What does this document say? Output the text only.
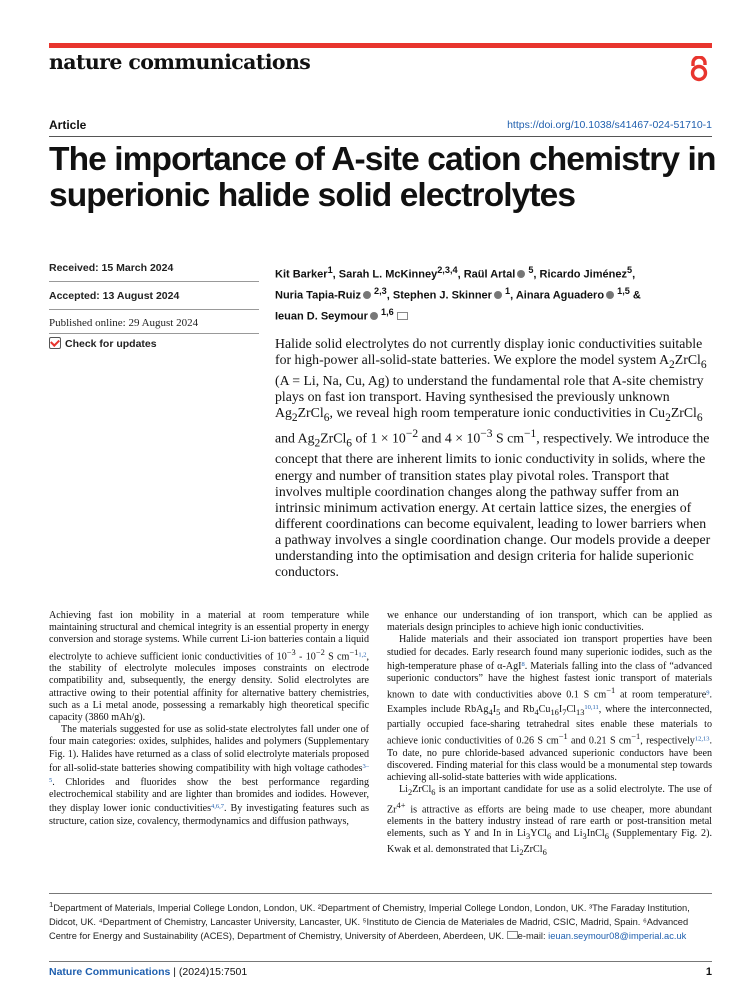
nature communications
Article	https://doi.org/10.1038/s41467-024-51710-1
The importance of A-site cation chemistry in superionic halide solid electrolytes
Received: 15 March 2024
Accepted: 13 August 2024
Published online: 29 August 2024
Check for updates
Kit Barker$^1$, Sarah L. McKinney$^{2,3,4}$, Raül Artal $^5$, Ricardo Jiménez$^5$,
Nuria Tapia-Ruiz $^{2,3}$, Stephen J. Skinner $^1$, Ainara Aguadero $^{1,5}$ &
Ieuan D. Seymour $^{1,6}$
Halide solid electrolytes do not currently display ionic conductivities suitable for high-power all-solid-state batteries. We explore the model system $A_2ZrCl_6$ (A = Li, Na, Cu, Ag) to understand the fundamental role that A-site chemistry plays on fast ion transport. Having synthesised the previously unknown $Ag_2ZrCl_6$, we reveal high room temperature ionic conductivities in $Cu_2ZrCl_6$ and $Ag_2ZrCl_6$ of $1 \times 10^{-2}$ and $4 \times 10^{-3}$ S $cm^{-1}$, respectively. We introduce the concept that there are inherent limits to ionic conductivity in solids, where the energy and number of transition states play pivotal roles. Transport that involves multiple coordination changes along the pathway suffer from an intrinsic minimum activation energy. At certain lattice sizes, the energies of different coordinations can become equivalent, leading to lower barriers when a pathway involves a single coordination change. Our models provide a deeper understanding into the optimisation and design criteria for halide superionic conductors.

Achieving fast ion mobility in a material at room temperature while maintaining structural and chemical integrity is an essential property in energy conversion and storage systems. While current Li-ion batteries contain a liquid electrolyte to achieve sufficient ionic conductivities of $10^{-3} - 10^{-2}$ S cm$^{-11,2}$, the stability of electrolyte molecules imposes constraints on electrode compatibility and, subsequently, the energy density. Solid electrolytes are attractive owing to their potential affinity for alternative battery chemistries, such as a Li metal anode, possessing a remarkably high theoretical specific capacity (3860 mAh/g).

The materials suggested for use as solid-state electrolytes fall under one of four main categories: oxides, sulphides, halides and polymers (Supplementary Fig. 1). Halides have returned as a class of solid electrolyte materials proposed for all-solid-state batteries showing compatibility with high voltage cathodes$^{3-5}$. Chlorides and fluorides show the best performance regarding electrochemical stability and are lighter than bromides and iodides. However, they display lower ionic conductivities$^{4,6,7}$. By investigating features such as structure, cation size, covalency, thermodynamics and diffusion pathways,

we enhance our understanding of ion transport, which can be applied as materials design principles to achieve high ionic conductivities.

Halide materials and their associated ion transport properties have been studied for decades. Early research found many superionic iodides, such as the high-temperature phase of α-AgI$^8$. Materials falling into the class of “advanced superionic conductors” have the highest fastest ionic transport of materials known to date with conductivities above 0.1 S $cm^{-1}$ at room temperature$^9$. Examples include $RbAg_4I_5$ and $Rb_4Cu_{16}I_7Cl_{13}^{10,11}$, where the interconnected, partially occupied face-sharing tetrahedral sites enable these materials to achieve ionic conductivities of 0.26 S $cm^{-1}$ and 0.21 S $cm^{-1}$, respectively$^{12,13}$. To date, no pure chloride-based advanced superionic conductors have been discovered. Finding material for this class would be a monumental step towards achieving all-solid-state batteries with wide applications.

$Li_2ZrCl_6$ is an important candidate for use as a solid electrolyte. The use of $Zr^{4+}$ is attractive as efforts are being made to use cheaper, more abundant elements in the battery industry instead of rare earth or post-transition metal elements, such as Y and In in $Li_3YCl_6$ and $Li_3InCl_6$ (Supplementary Fig. 2). Kwak et al. demonstrated that $Li_2ZrCl_6$

$^1$Department of Materials, Imperial College London, London, UK. ²Department of Chemistry, Imperial College London, London, UK. ³The Faraday Institution, Didcot, UK. ⁴Department of Chemistry, Lancaster University, Lancaster, UK. ⁵Instituto de Ciencia de Materiales de Madrid, CSIC, Madrid, Spain. ⁶Advanced Centre for Energy and Sustainability (ACES), Department of Chemistry, University of Aberdeen, Aberdeen, UK. e-mail: ieuan.seymour08@imperial.ac.uk
Nature Communications | (2024)15:7501	1
